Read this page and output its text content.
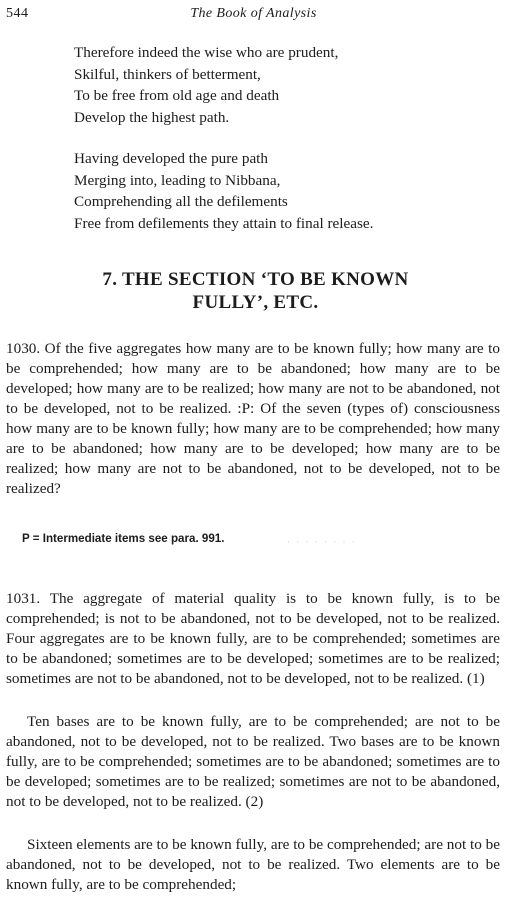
544	The Book of Analysis
Therefore indeed the wise who are prudent,
Skilful, thinkers of betterment,
To be free from old age and death
Develop the highest path.
Having developed the pure path
Merging into, leading to Nibbana,
Comprehending all the defilements
Free from defilements they attain to final release.
7. THE SECTION ‘TO BE KNOWN
FULLY’, ETC.

1030. Of the five aggregates how many are to be known fully; how many are to be comprehended; how many are to be abandoned; how many are to be developed; how many are to be realized; how many are not to be abandoned, not to be developed, not to be realized. :P: Of the seven (types of) consciousness how many are to be known fully; how many are to be comprehended; how many are to be abandoned; how many are to be developed; how many are to be realized; how many are not to be abandoned, not to be developed, not to be realized?

P = Intermediate items see para. 991.	· · · · · · · ·

1031. The aggregate of material quality is to be known fully, is to be comprehended; is not to be abandoned, not to be developed, not to be realized. Four aggregates are to be known fully, are to be comprehended; sometimes are to be abandoned; sometimes are to be developed; sometimes are to be realized; sometimes are not to be abandoned, not to be developed, not to be realized. (1)

Ten bases are to be known fully, are to be comprehended; are not to be abandoned, not to be developed, not to be realized. Two bases are to be known fully, are to be comprehended; sometimes are to be abandoned; sometimes are to be developed; sometimes are to be realized; sometimes are not to be abandoned, not to be developed, not to be realized. (2)

Sixteen elements are to be known fully, are to be comprehended; are not to be abandoned, not to be developed, not to be realized. Two elements are to be known fully, are to be comprehended;
